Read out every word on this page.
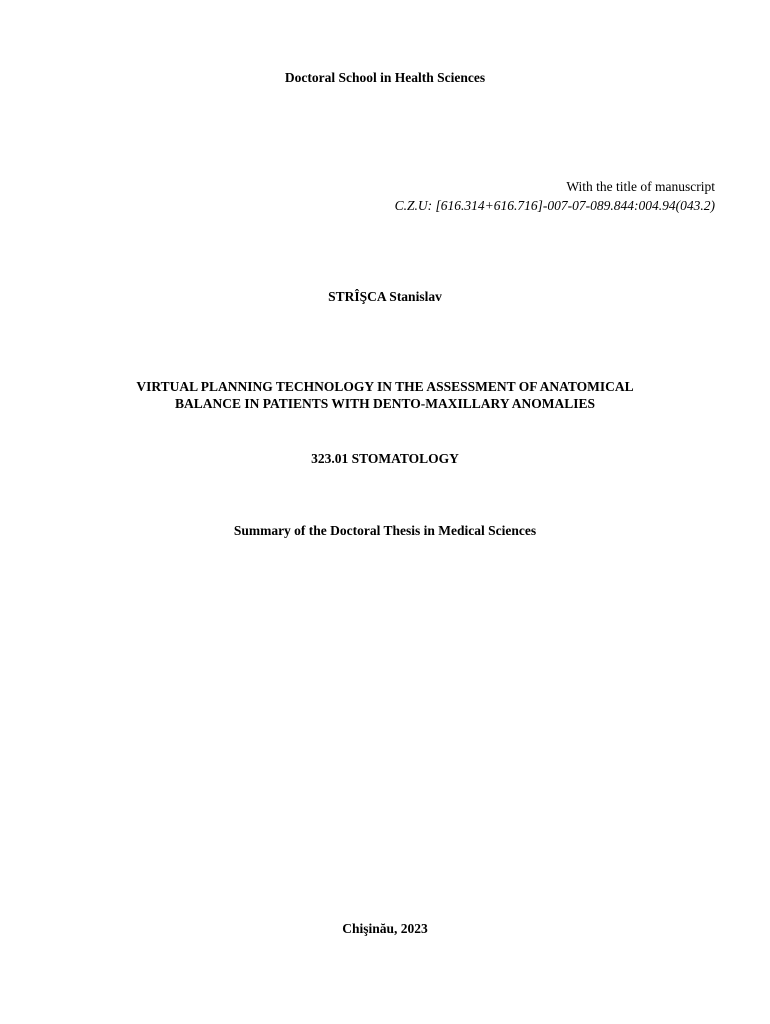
Doctoral School in Health Sciences
With the title of manuscript
C.Z.U: [616.314+616.716]-007-07-089.844:004.94(043.2)
STRÎŞCA Stanislav
VIRTUAL PLANNING TECHNOLOGY IN THE ASSESSMENT OF ANATOMICAL
BALANCE IN PATIENTS WITH DENTO-MAXILLARY ANOMALIES
323.01 STOMATOLOGY
Summary of the Doctoral Thesis in Medical Sciences
Chişinău, 2023
